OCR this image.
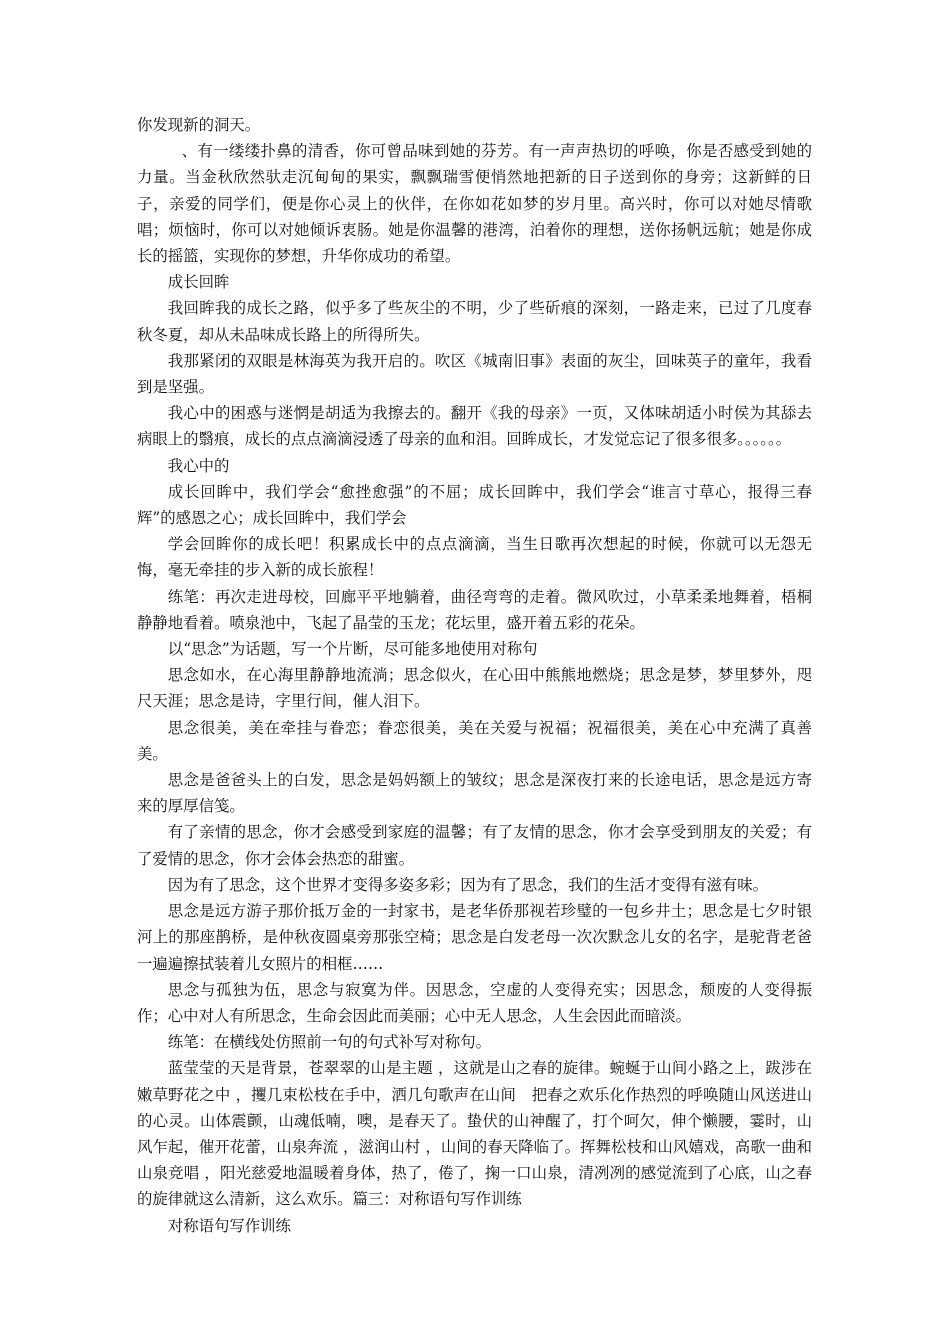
你发现新的洞天。

、有一缕缕扑鼻的清香，你可曾品味到她的芬芳。有一声声热切的呼唤，你是否感受到她的力量。当金秋欣然驮走沉甸甸的果实，飘飘瑞雪便悄然地把新的日子送到你的身旁；这新鲜的日子，亲爱的同学们，便是你心灵上的伙伴，在你如花如梦的岁月里。高兴时，你可以对她尽情歌唱；烦恼时，你可以对她倾诉衷肠。她是你温馨的港湾，泊着你的理想，送你扬帆远航；她是你成长的摇篮，实现你的梦想，升华你成功的希望。

成长回眸

我回眸我的成长之路，似乎多了些灰尘的不明，少了些斫痕的深刻，一路走来，已过了几度春秋冬夏，却从未品味成长路上的所得所失。

我那紧闭的双眼是林海英为我开启的。吹区《城南旧事》表面的灰尘，回味英子的童年，我看到是坚强。

我心中的困惑与迷惘是胡适为我擦去的。翻开《我的母亲》一页，又体味胡适小时侯为其舔去病眼上的翳痕，成长的点点滴滴浸透了母亲的血和泪。回眸成长，才发觉忘记了很多很多。。。。。。

我心中的

成长回眸中，我们学会“愈挫愈强”的不屈；成长回眸中，我们学会“谁言寸草心，报得三春辉”的感恩之心；成长回眸中，我们学会

学会回眸你的成长吧！积累成长中的点点滴滴，当生日歌再次想起的时候，你就可以无怨无悔，毫无牵挂的步入新的成长旅程！

练笔：再次走进母校，回廊平平地躺着，曲径弯弯的走着。微风吹过，小草柔柔地舞着，梧桐静静地看着。喷泉池中，飞起了晶莹的玉龙；花坛里，盛开着五彩的花朵。

以“思念”为话题，写一个片断，尽可能多地使用对称句

思念如水，在心海里静静地流淌；思念似火，在心田中熊熊地燃烧；思念是梦，梦里梦外，咫尺天涯；思念是诗，字里行间，催人泪下。

思念很美，美在牵挂与眷恋；眷恋很美，美在关爱与祝福；祝福很美，美在心中充满了真善美。

思念是爸爸头上的白发，思念是妈妈额上的皱纹；思念是深夜打来的长途电话，思念是远方寄来的厚厚信笺。

有了亲情的思念，你才会感受到家庭的温馨；有了友情的思念，你才会享受到朋友的关爱；有了爱情的思念，你才会体会热恋的甜蜜。

因为有了思念，这个世界才变得多姿多彩；因为有了思念，我们的生活才变得有滋有味。

思念是远方游子那价抵万金的一封家书，是老华侨那视若珍璧的一包乡井土；思念是七夕时银河上的那座鹊桥，是仲秋夜圆桌旁那张空椅；思念是白发老母一次次默念儿女的名字，是驼背老爸一遍遍擦拭装着儿女照片的相框……

思念与孤独为伍，思念与寂寞为伴。因思念，空虚的人变得充实；因思念，颓废的人变得振作；心中对人有所思念，生命会因此而美丽；心中无人思念，人生会因此而暗淡。

练笔：在横线处仿照前一句的句式补写对称句。

蓝莹莹的天是背景，苍翠翠的山是主题 ，这就是山之春的旋律。蜿蜒于山间小路之上，跋涉在嫩草野花之中 ，攫几束松枝在手中，洒几句歌声在山间　把春之欢乐化作热烈的呼唤随山风送进山的心灵。山体震颤，山魂低喃，噢，是春天了。蛰伏的山神醒了，打个呵欠，伸个懒腰，霎时，山风乍起，催开花蕾，山泉奔流 ，滋润山村 ，山间的春天降临了。挥舞松枝和山风嬉戏，高歌一曲和山泉竞唱 ，阳光慈爱地温暖着身体，热了，倦了，掬一口山泉，清冽冽的感觉流到了心底，山之春的旋律就这么清新，这么欢乐。篇三：对称语句写作训练

对称语句写作训练
